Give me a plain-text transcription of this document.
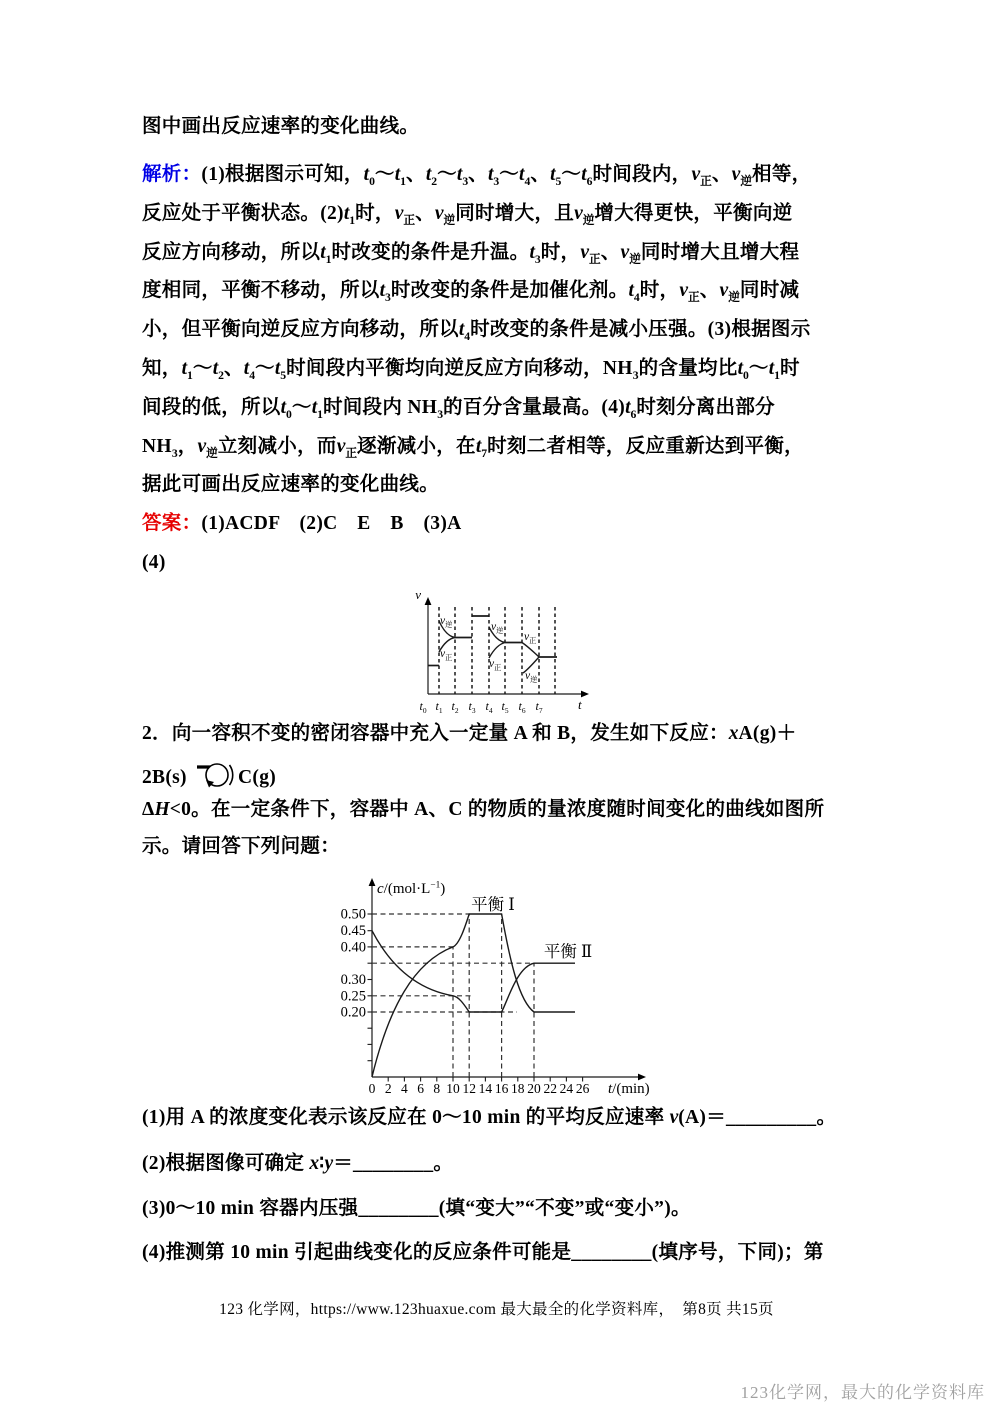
图中画出反应速率的变化曲线。
解析：(1)根据图示可知，$t_0\sim t_1$、$t_2\sim t_3$、$t_3\sim t_4$、$t_5\sim t_6$时间段内，$v_正$、$v_逆$相等，
反应处于平衡状态。$(2)t_1$时，$v_正$、$v_逆$同时增大，且$v_逆$增大得更快，平衡向逆
反应方向移动，所以$t_1$时改变的条件是升温。$t_3$时，$v_正$、$v_逆$同时增大且增大程
度相同，平衡不移动，所以$t_3$时改变的条件是加催化剂。$t_4$时，$v_正$、$v_逆$同时减
小，但平衡向逆反应方向移动，所以$t_4$时改变的条件是减小压强。(3)根据图示
知，$t_1\sim t_2$、$t_4\sim t_5$时间段内平衡均向逆反应方向移动，$NH_3$的含量均比$t_0\sim t_1$时
间段的低，所以$t_0\sim t_1$时间段内 $NH_3$的百分含量最高。$(4)t_6$时刻分离出部分
$NH_3$，$v_逆$立刻减小，而$v_正$逐渐减小，在$t_7$时刻二者相等，反应重新达到平衡，
据此可画出反应速率的变化曲线。
答案：(1)ACDF　(2)C　E　B　(3)A
(4)
v
t
$v_逆$
$v_正$
$v_逆$
$v_正$
$v_正$
$v_逆$
$t_0$ $t_1$ $t_2$ $t_3$ $t_4$ $t_5$ $t_6$ $t_7$
2．向一容积不变的密闭容器中充入一定量 A 和 B，发生如下反应：xA(g)＋
2B(s) C(g)
ΔH<0。在一定条件下，容器中 A、C 的物质的量浓度随时间变化的曲线如图所
示。请回答下列问题：
$c/(mol\cdot L^{-1})$
t/(min)
平衡 Ⅰ
平衡 Ⅱ
0.50
0.45
0.40
0.30
0.25
0.20
0 2 4 6 8 10 12 14 16 18 20 22 24 26
(1)用 A 的浓度变化表示该反应在 0～10 min 的平均反应速率 v(A)＝_________。
(2)根据图像可确定 x∶y＝________。
(3)0～10 min 容器内压强________(填“变大”“不变”或“变小”)。
(4)推测第 10 min 引起曲线变化的反应条件可能是________(填序号，下同)；第
123 化学网，https://www.123huaxue.com 最大最全的化学资料库，　第8页 共15页
123化学网，最大的化学资料库
